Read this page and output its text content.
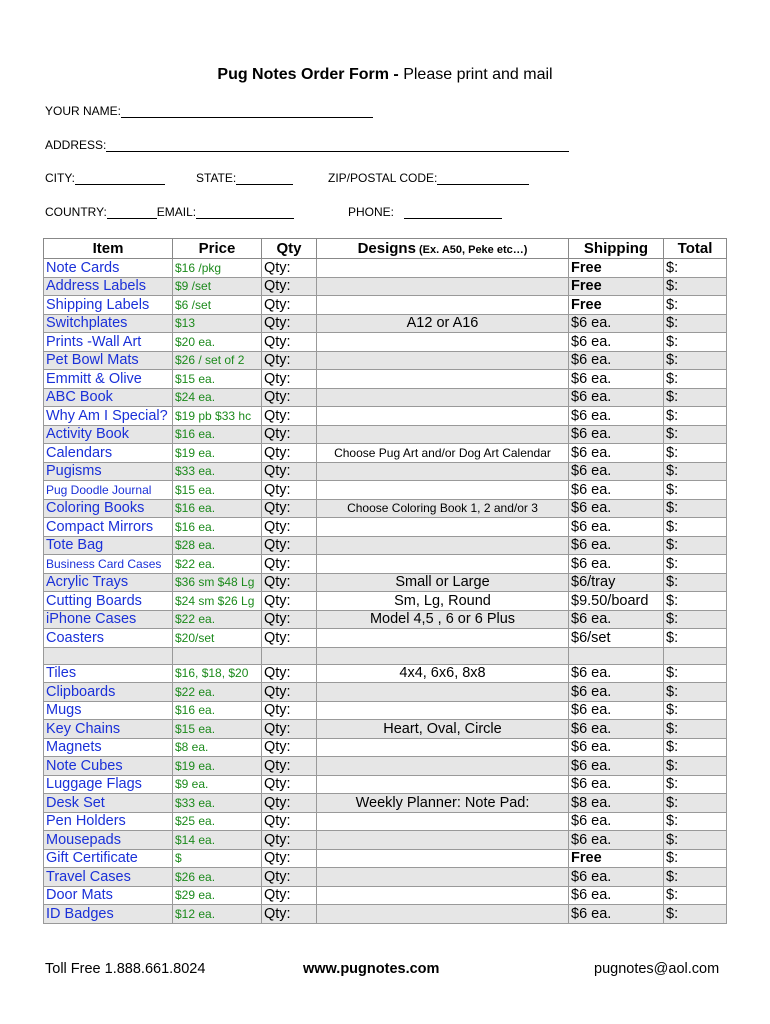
Pug Notes Order Form - Please print and mail
YOUR NAME:
ADDRESS:
CITY:	STATE:	ZIP/POSTAL CODE:
COUNTRY:	EMAIL:	PHONE:
Item	Price	Qty	Designs (Ex. A50, Peke etc…)	Shipping	Total
Note Cards	$16 /pkg	Qty:		Free	$:
Address Labels	$9 /set	Qty:		Free	$:
Shipping Labels	$6 /set	Qty:		Free	$:
Switchplates	$13	Qty:	A12 or A16	$6 ea.	$:
Prints -Wall Art	$20 ea.	Qty:		$6 ea.	$:
Pet Bowl Mats	$26 / set of 2	Qty:		$6 ea.	$:
Emmitt & Olive	$15 ea.	Qty:		$6 ea.	$:
ABC Book	$24 ea.	Qty:		$6 ea.	$:
Why Am I Special?	$19 pb $33 hc	Qty:		$6 ea.	$:
Activity Book	$16 ea.	Qty:		$6 ea.	$:
Calendars	$19 ea.	Qty:	Choose Pug Art and/or Dog Art Calendar	$6 ea.	$:
Pugisms	$33 ea.	Qty:		$6 ea.	$:
Pug Doodle Journal	$15 ea.	Qty:		$6 ea.	$:
Coloring Books	$16 ea.	Qty:	Choose Coloring Book 1, 2 and/or 3	$6 ea.	$:
Compact Mirrors	$16 ea.	Qty:		$6 ea.	$:
Tote Bag	$28 ea.	Qty:		$6 ea.	$:
Business Card Cases	$22 ea.	Qty:		$6 ea.	$:
Acrylic Trays	$36 sm $48 Lg	Qty:	Small or Large	$6/tray	$:
Cutting Boards	$24 sm $26 Lg	Qty:	Sm, Lg, Round	$9.50/board	$:
iPhone Cases	$22 ea.	Qty:	Model 4,5 , 6 or 6 Plus	$6 ea.	$:
Coasters	$20/set	Qty:		$6/set	$:

Tiles	$16, $18, $20	Qty:	4x4, 6x6, 8x8	$6 ea.	$:
Clipboards	$22 ea.	Qty:		$6 ea.	$:
Mugs	$16 ea.	Qty:		$6 ea.	$:
Key Chains	$15 ea.	Qty:	Heart, Oval, Circle	$6 ea.	$:
Magnets	$8 ea.	Qty:		$6 ea.	$:
Note Cubes	$19 ea.	Qty:		$6 ea.	$:
Luggage Flags	$9 ea.	Qty:		$6 ea.	$:
Desk Set	$33 ea.	Qty:	Weekly Planner: Note Pad:	$8 ea.	$:
Pen Holders	$25 ea.	Qty:		$6 ea.	$:
Mousepads	$14 ea.	Qty:		$6 ea.	$:
Gift Certificate	$	Qty:		Free	$:
Travel Cases	$26 ea.	Qty:		$6 ea.	$:
Door Mats	$29 ea.	Qty:		$6 ea.	$:
ID Badges	$12 ea.	Qty:		$6 ea.	$:
Toll Free 1.888.661.8024	www.pugnotes.com	pugnotes@aol.com
